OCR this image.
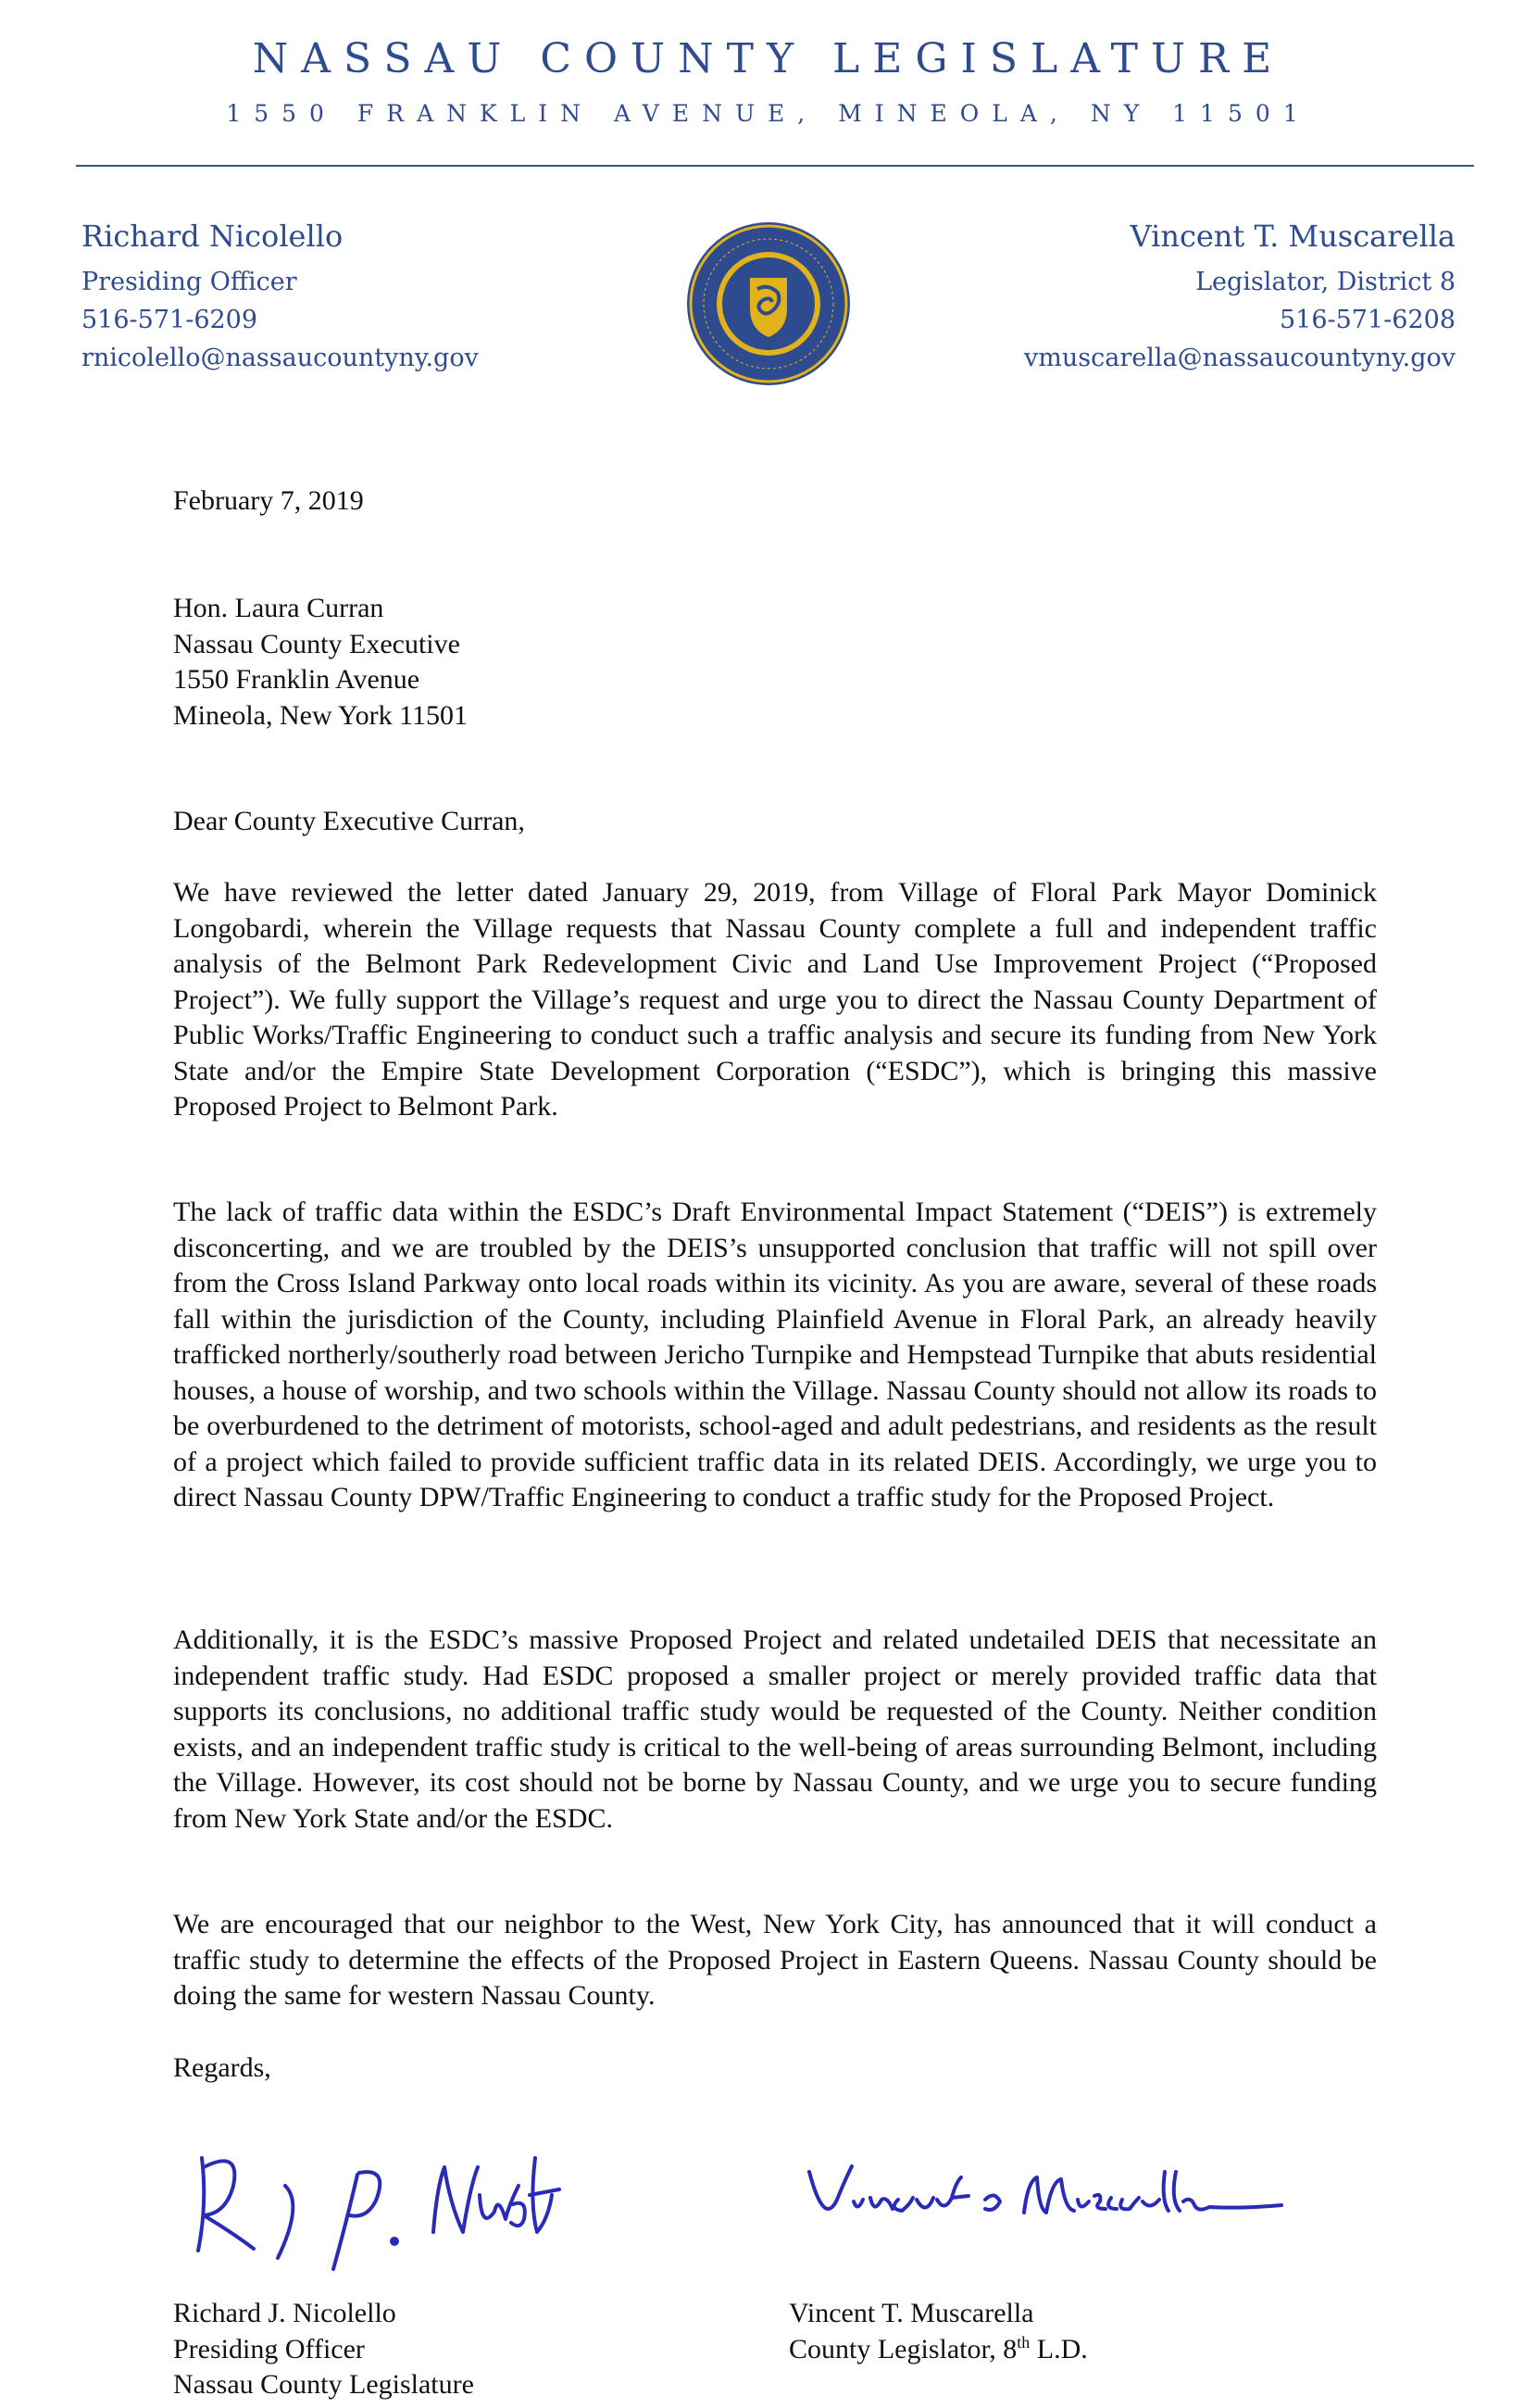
NASSAU COUNTY LEGISLATURE
1550 FRANKLIN AVENUE, MINEOLA, NY 11501
Richard Nicolello
Presiding Officer
516-571-6209
rnicolello@nassaucountyny.gov
Vincent T. Muscarella
Legislator, District 8
516-571-6208
vmuscarella@nassaucountyny.gov
February 7, 2019
Hon. Laura Curran
Nassau County Executive
1550 Franklin Avenue
Mineola, New York 11501
Dear County Executive Curran,

We have reviewed the letter dated January 29, 2019, from Village of Floral Park Mayor Dominick Longobardi, wherein the Village requests that Nassau County complete a full and independent traffic analysis of the Belmont Park Redevelopment Civic and Land Use Improvement Project (“Proposed Project”). We fully support the Village’s request and urge you to direct the Nassau County Department of Public Works/Traffic Engineering to conduct such a traffic analysis and secure its funding from New York State and/or the Empire State Development Corporation (“ESDC”), which is bringing this massive Proposed Project to Belmont Park.

The lack of traffic data within the ESDC’s Draft Environmental Impact Statement (“DEIS”) is extremely disconcerting, and we are troubled by the DEIS’s unsupported conclusion that traffic will not spill over from the Cross Island Parkway onto local roads within its vicinity. As you are aware, several of these roads fall within the jurisdiction of the County, including Plainfield Avenue in Floral Park, an already heavily trafficked northerly/southerly road between Jericho Turnpike and Hempstead Turnpike that abuts residential houses, a house of worship, and two schools within the Village. Nassau County should not allow its roads to be overburdened to the detriment of motorists, school-aged and adult pedestrians, and residents as the result of a project which failed to provide sufficient traffic data in its related DEIS. Accordingly, we urge you to direct Nassau County DPW/Traffic Engineering to conduct a traffic study for the Proposed Project.

Additionally, it is the ESDC’s massive Proposed Project and related undetailed DEIS that necessitate an independent traffic study. Had ESDC proposed a smaller project or merely provided traffic data that supports its conclusions, no additional traffic study would be requested of the County. Neither condition exists, and an independent traffic study is critical to the well-being of areas surrounding Belmont, including the Village. However, its cost should not be borne by Nassau County, and we urge you to secure funding from New York State and/or the ESDC.

We are encouraged that our neighbor to the West, New York City, has announced that it will conduct a traffic study to determine the effects of the Proposed Project in Eastern Queens. Nassau County should be doing the same for western Nassau County.

Regards,
Richard J. Nicolello
Presiding Officer
Nassau County Legislature
Vincent T. Muscarella
County Legislator, 8th L.D.
